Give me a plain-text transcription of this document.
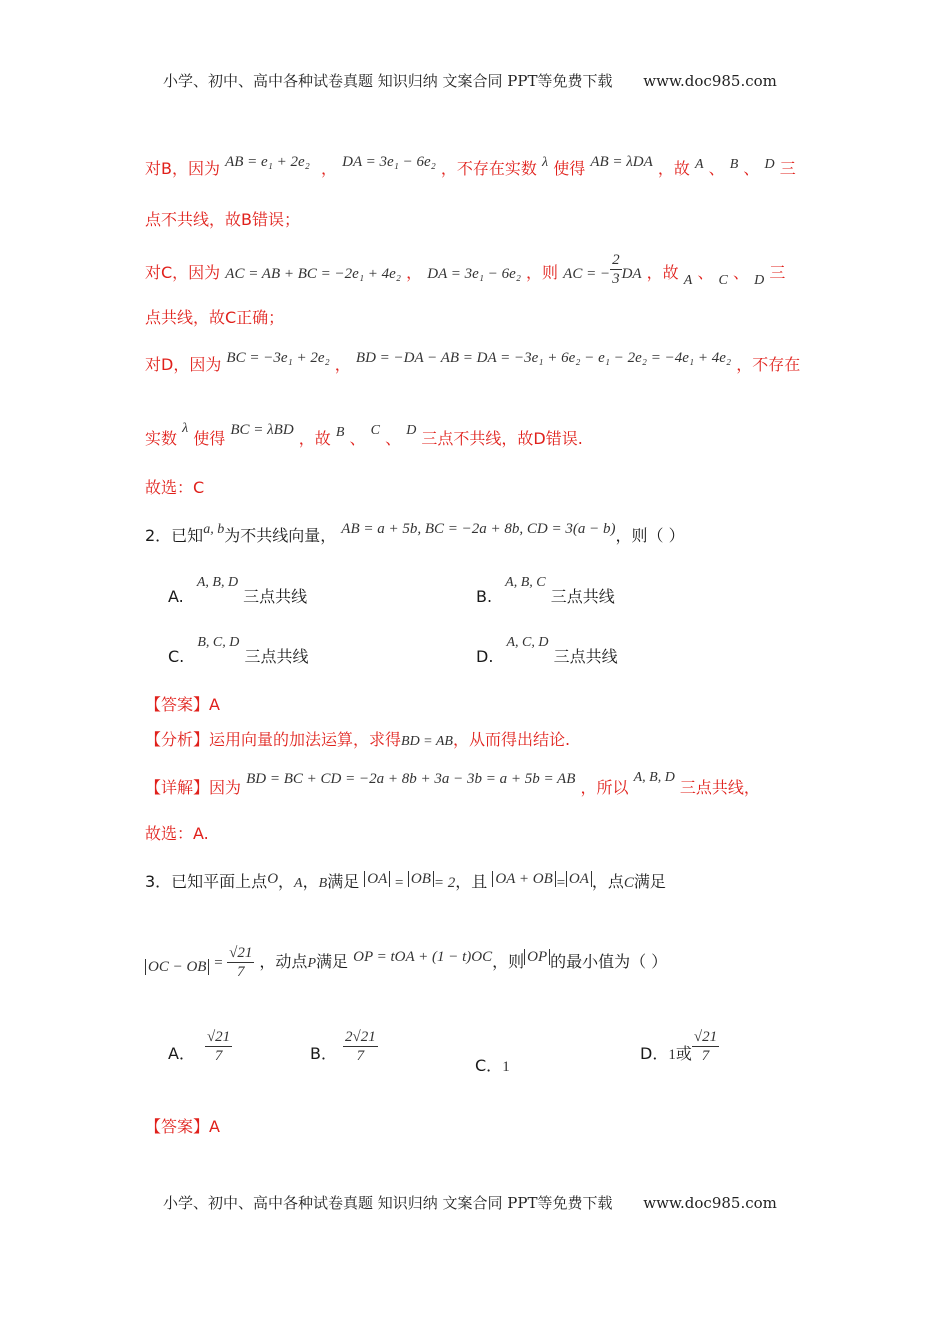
小学、初中、高中各种试卷真题 知识归纳 文案合同 PPT等免费下载 www.doc985.com
对B，因为 AB = e₁ + 2e₂ ， DA = 3e₁ − 6e₂ ，不存在实数 λ 使得 AB = λDA ，故 A 、 B 、 D 三
点不共线，故B错误；
对C，因为 AC = AB + BC = −2e₁ + 4e₂ ， DA = 3e₁ − 6e₂ ，则 AC = − $\frac{2}{3}$ DA ，故 A 、 C 、 D 三
点共线，故C正确；
对D，因为 BC = −3e₁ + 2e₂ ， BD = −DA − AB = DA = −3e₁ + 6e₂ − e₁ − 2e₂ = −4e₁ + 4e₂ ，不存在
实数 λ 使得 BC = λBD ，故 B 、 C 、 D 三点不共线，故D错误.
故选：C
2．已知a, b为不共线向量， AB = a + 5b, BC = −2a + 8b, CD = 3(a − b)，则（ ）
A. A, B, D 三点共线	B. A, B, C 三点共线
C. B, C, D 三点共线	D. A, C, D 三点共线
【答案】A
【分析】运用向量的加法运算，求得BD = AB，从而得出结论.
【详解】因为 BD = BC + CD = −2a + 8b + 3a − 3b = a + 5b = AB ，所以 A, B, D 三点共线，
故选：A.
3．已知平面上点O，A，B满足 OA = OB = 2，且 OA + OB = OA ，点C满足
OC − OB = $\frac{√21}{7}$ ，动点P满足 OP = tOA + (1 − t)OC，则 OP 的最小值为（ ）
A． $\frac{√21}{7}$	B． $\frac{2√21}{7}$
C．1
D．1或 $\frac{√21}{7}$
【答案】A
小学、初中、高中各种试卷真题 知识归纳 文案合同 PPT等免费下载 www.doc985.com
